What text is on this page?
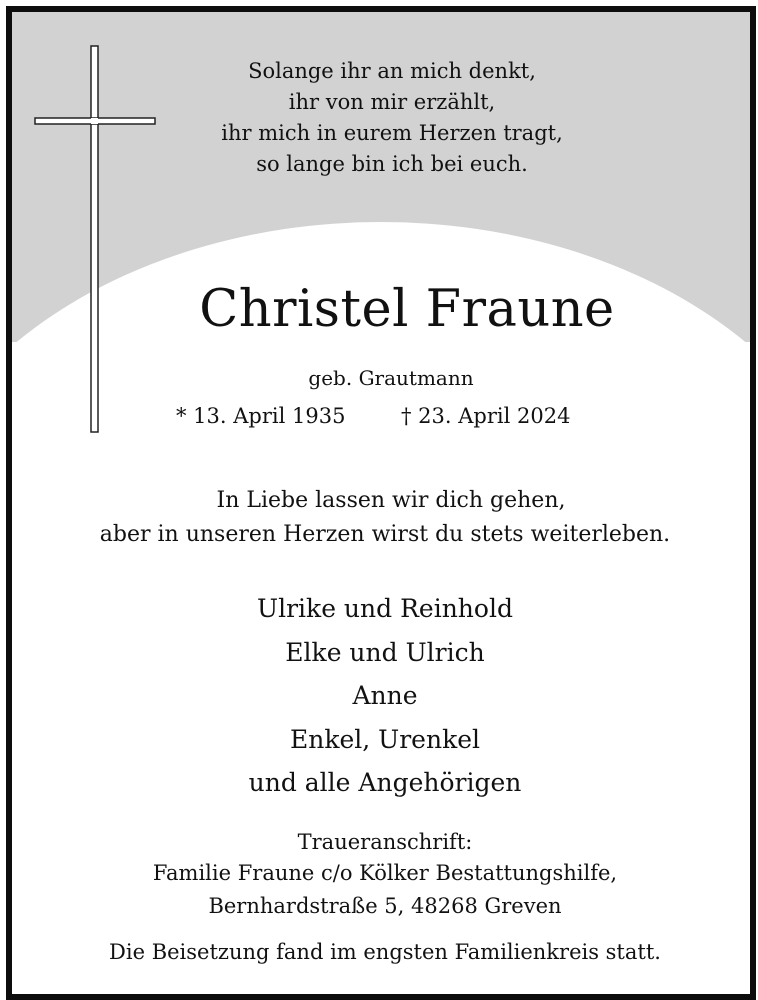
Solange ihr an mich denkt,
ihr von mir erzählt,
ihr mich in eurem Herzen tragt,
so lange bin ich bei euch.
Christel Fraune
geb. Grautmann
* 13. April 1935	† 23. April 2024
In Liebe lassen wir dich gehen,
aber in unseren Herzen wirst du stets weiterleben.
Ulrike und Reinhold
Elke und Ulrich
Anne
Enkel, Urenkel
und alle Angehörigen
Traueranschrift:
Familie Fraune c/o Kölker Bestattungshilfe,
Bernhardstraße 5, 48268 Greven
Die Beisetzung fand im engsten Familienkreis statt.
